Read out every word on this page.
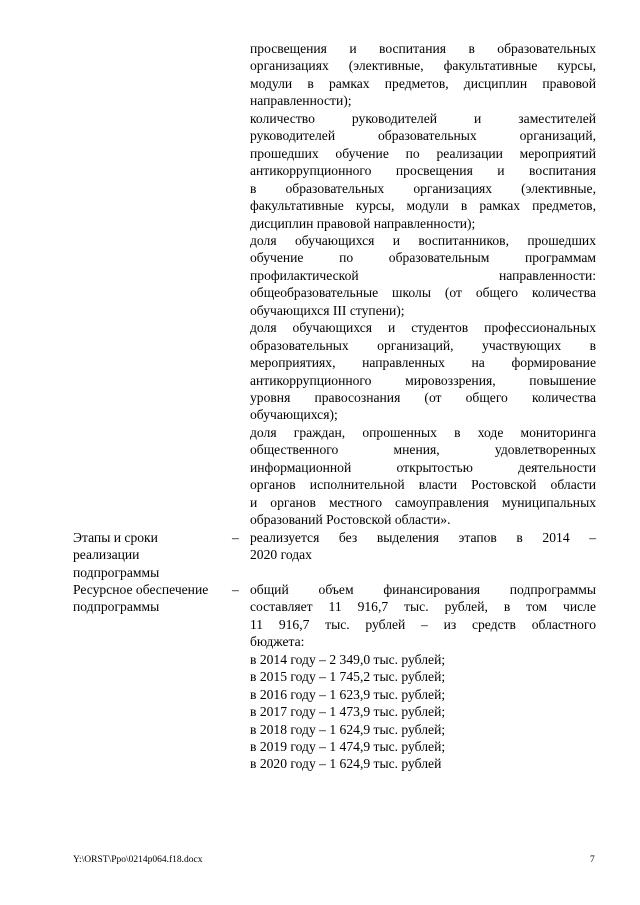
просвещения и воспитания в образовательных
организациях (элективные, факультативные курсы,
модули в рамках предметов, дисциплин правовой
направленности);
количество руководителей и заместителей
руководителей образовательных организаций,
прошедших обучение по реализации мероприятий
антикоррупционного просвещения и воспитания
в образовательных организациях (элективные,
факультативные курсы, модули в рамках предметов,
дисциплин правовой направленности);
доля обучающихся и воспитанников, прошедших
обучение по образовательным программам
профилактической направленности:
общеобразовательные школы (от общего количества
обучающихся III ступени);
доля обучающихся и студентов профессиональных
образовательных организаций, участвующих в
мероприятиях, направленных на формирование
антикоррупционного мировоззрения, повышение
уровня правосознания (от общего количества
обучающихся);
доля граждан, опрошенных в ходе мониторинга
общественного мнения, удовлетворенных
информационной открытостью деятельности
органов исполнительной власти Ростовской области
и органов местного самоуправления муниципальных
образований Ростовской области».
Этапы и сроки
реализации
подпрограммы
– реализуется без выделения этапов в 2014 –
2020 годах
Ресурсное обеспечение
подпрограммы
– общий объем финансирования подпрограммы
составляет 11 916,7 тыс. рублей, в том числе
11 916,7 тыс. рублей – из средств областного
бюджета:
в 2014 году – 2 349,0 тыс. рублей;
в 2015 году – 1 745,2 тыс. рублей;
в 2016 году – 1 623,9 тыс. рублей;
в 2017 году – 1 473,9 тыс. рублей;
в 2018 году – 1 624,9 тыс. рублей;
в 2019 году – 1 474,9 тыс. рублей;
в 2020 году – 1 624,9 тыс. рублей
Y:\ORST\Ppo\0214p064.f18.docx	7
